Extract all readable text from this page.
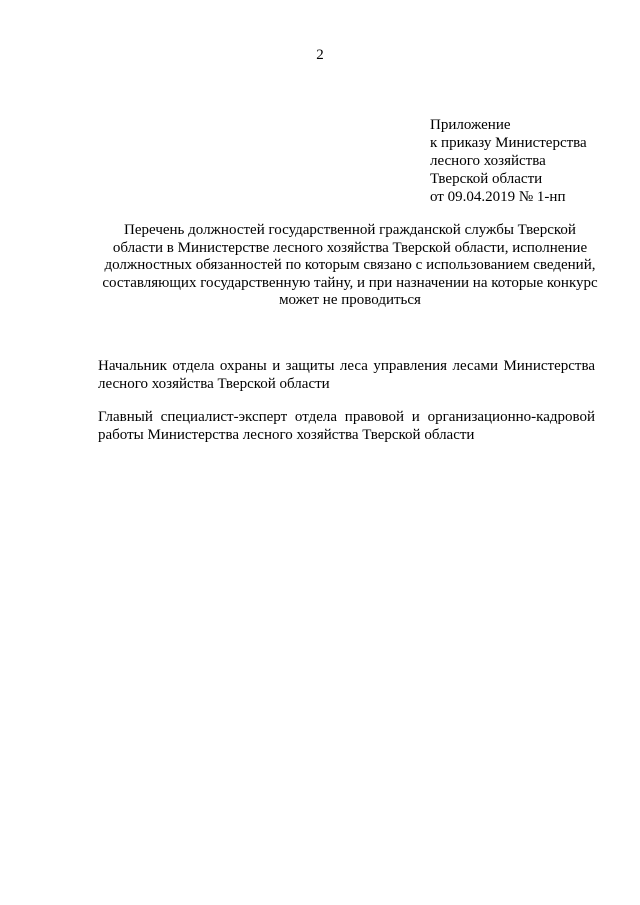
2
Приложение
к приказу Министерства
лесного хозяйства
Тверской области
от 09.04.2019 № 1-нп
Перечень должностей государственной гражданской службы Тверской
области в Министерстве лесного хозяйства Тверской области, исполнение
должностных обязанностей по которым связано с использованием сведений,
составляющих государственную тайну, и при назначении на которые конкурс
может не проводиться
Начальник отдела охраны и защиты леса управления лесами Министерства
лесного хозяйства Тверской области
Главный специалист-эксперт отдела правовой и организационно-кадровой
работы Министерства лесного хозяйства Тверской области
